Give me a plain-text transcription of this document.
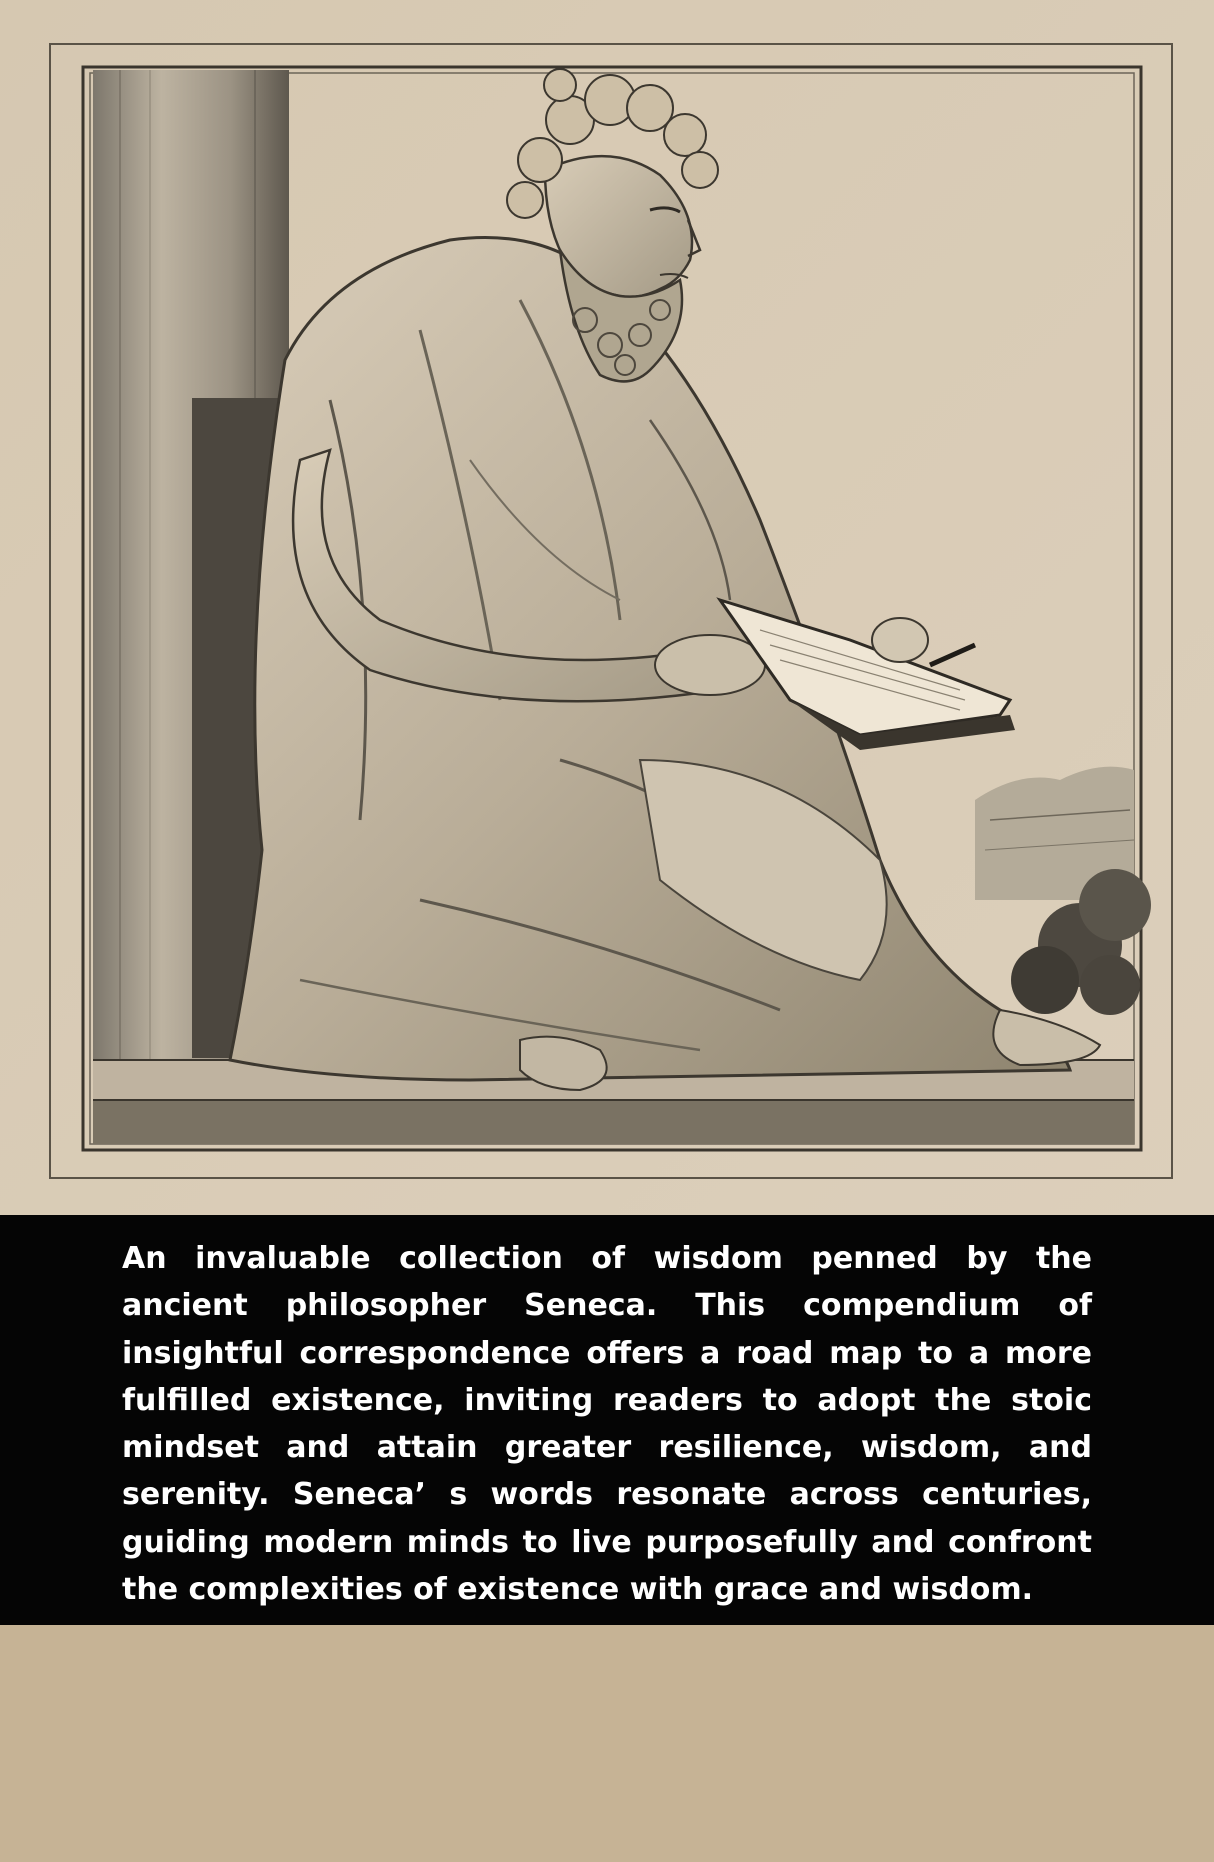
An invaluable collection of wisdom penned by the ancient philosopher Seneca. This compendium of insightful correspondence offers a road map to a more fulfilled existence, inviting readers to adopt the stoic mindset and attain greater resilience, wisdom, and serenity. Seneca’ s words resonate across centuries, guiding modern minds to live purposefully and confront the complexities of existence with grace and wisdom.
